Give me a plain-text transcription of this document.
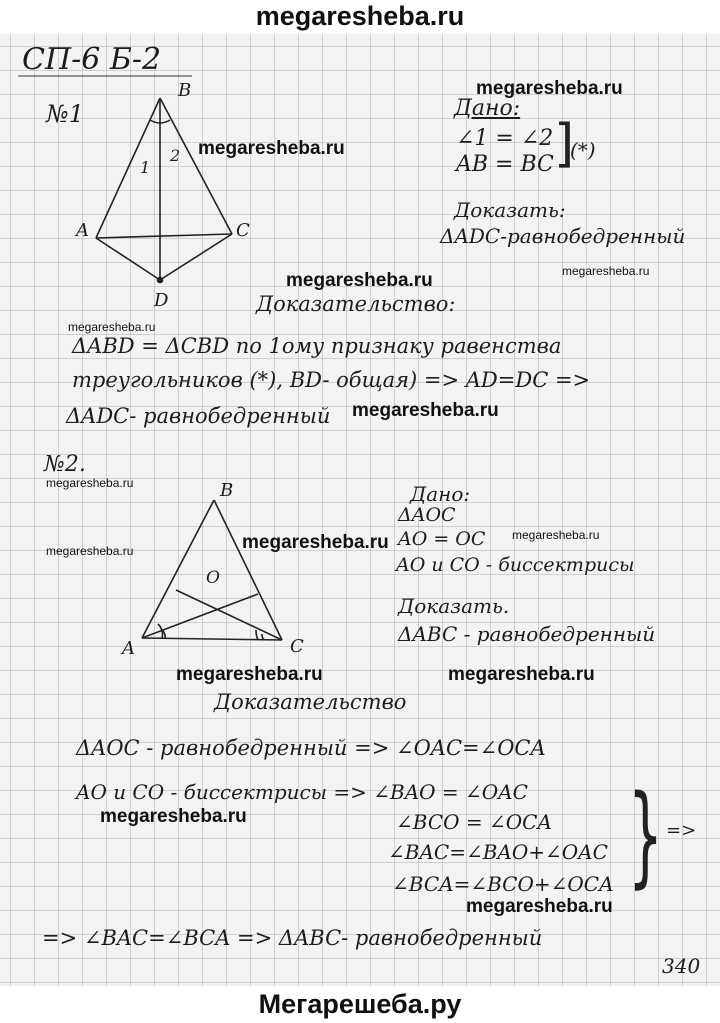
megaresheba.ru
СП-6 Б-2
№1
B
A	C
D
1
2
Дано:
∠1 = ∠2
AB = BC ]
(*)
Доказать:
ΔADC-равнобедренный
Доказательство:
ΔABD = ΔCBD по 1ому признаку равенства
треугольников (*), BD- общая) => AD=DC =>
ΔADC- равнобедренный
№2.
B
A	C
O
Дано:
ΔAOC
AO = OC
AO и CO - биссектрисы
Доказать.
ΔABC - равнобедренный
Доказательство
ΔAOC - равнобедренный => ∠OAC=∠OCA
AO и CO - биссектрисы => ∠BAO = ∠OAC
∠BCO = ∠OCA
∠BAC=∠BAO+∠OAC
∠BCA=∠BCO+∠OCA } =>
=> ∠BAC=∠BCA => ΔABC- равнобедренный
340
megaresheba.ru
megaresheba.ru
megaresheba.ru
megaresheba.ru
megaresheba.ru
megaresheba.ru
megaresheba.ru
megaresheba.ru
megaresheba.ru	megaresheba.ru
megaresheba.ru	megaresheba.ru
megaresheba.ru
megaresheba.ru
Мегарешеба.ру
